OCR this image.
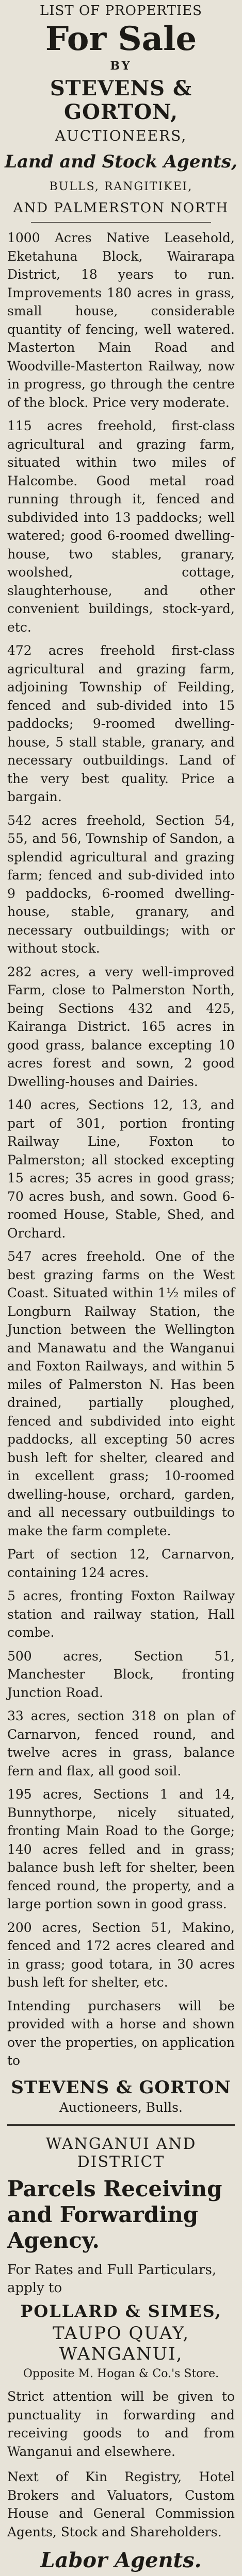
LIST OF PROPERTIES
For Sale
BY
STEVENS & GORTON,
AUCTIONEERS,
Land and Stock Agents,
BULLS, RANGITIKEI,
AND PALMERSTON NORTH

1000 Acres Native Leasehold, Eketahuna Block, Wairarapa District, 18 years to run. Improvements 180 acres in grass, small house, considerable quantity of fencing, well watered. Masterton Main Road and Woodville-Masterton Railway, now in progress, go through the centre of the block. Price very moderate.

115 acres freehold, first-class agricultural and grazing farm, situated within two miles of Halcombe. Good metal road running through it, fenced and subdivided into 13 paddocks; well watered; good 6-roomed dwelling-house, two stables, granary, woolshed, cottage, slaughterhouse, and other convenient buildings, stock-yard, etc.

472 acres freehold first-class agricultural and grazing farm, adjoining Township of Feilding, fenced and sub-divided into 15 paddocks; 9-roomed dwelling-house, 5 stall stable, granary, and necessary outbuildings. Land of the very best quality. Price a bargain.

542 acres freehold, Section 54, 55, and 56, Township of Sandon, a splendid agricultural and grazing farm; fenced and sub-divided into 9 paddocks, 6-roomed dwelling-house, stable, granary, and necessary outbuildings; with or without stock.

282 acres, a very well-improved Farm, close to Palmerston North, being Sections 432 and 425, Kairanga District. 165 acres in good grass, balance excepting 10 acres forest and sown, 2 good Dwelling-houses and Dairies.

140 acres, Sections 12, 13, and part of 301, portion fronting Railway Line, Foxton to Palmerston; all stocked excepting 15 acres; 35 acres in good grass; 70 acres bush, and sown. Good 6-roomed House, Stable, Shed, and Orchard.

547 acres freehold. One of the best grazing farms on the West Coast. Situated within 1½ miles of Longburn Railway Station, the Junction between the Wellington and Manawatu and the Wanganui and Foxton Railways, and within 5 miles of Palmerston N. Has been drained, partially ploughed, fenced and subdivided into eight paddocks, all excepting 50 acres bush left for shelter, cleared and in excellent grass; 10-roomed dwelling-house, orchard, garden, and all necessary outbuildings to make the farm complete.

Part of section 12, Carnarvon, containing 124 acres.

5 acres, fronting Foxton Railway station and railway station, Hall combe.

500 acres, Section 51, Manchester Block, fronting Junction Road.

33 acres, section 318 on plan of Carnarvon, fenced round, and twelve acres in grass, balance fern and flax, all good soil.

195 acres, Sections 1 and 14, Bunnythorpe, nicely situated, fronting Main Road to the Gorge; 140 acres felled and in grass; balance bush left for shelter, been fenced round, the property, and a large portion sown in good grass.

200 acres, Section 51, Makino, fenced and 172 acres cleared and in grass; good totara, in 30 acres bush left for shelter, etc.

Intending purchasers will be provided with a horse and shown over the properties, on application to

STEVENS & GORTON
Auctioneers, Bulls.
WANGANUI AND DISTRICT
Parcels Receiving and Forwarding Agency.
For Rates and Full Particulars, apply to
POLLARD & SIMES,
TAUPO QUAY, WANGANUI,
Opposite M. Hogan & Co.'s Store.

Strict attention will be given to punctuality in forwarding and receiving goods to and from Wanganui and elsewhere.

Next of Kin Registry, Hotel Brokers and Valuators, Custom House and General Commission Agents, Stock and Shareholders.

Labor Agents.
